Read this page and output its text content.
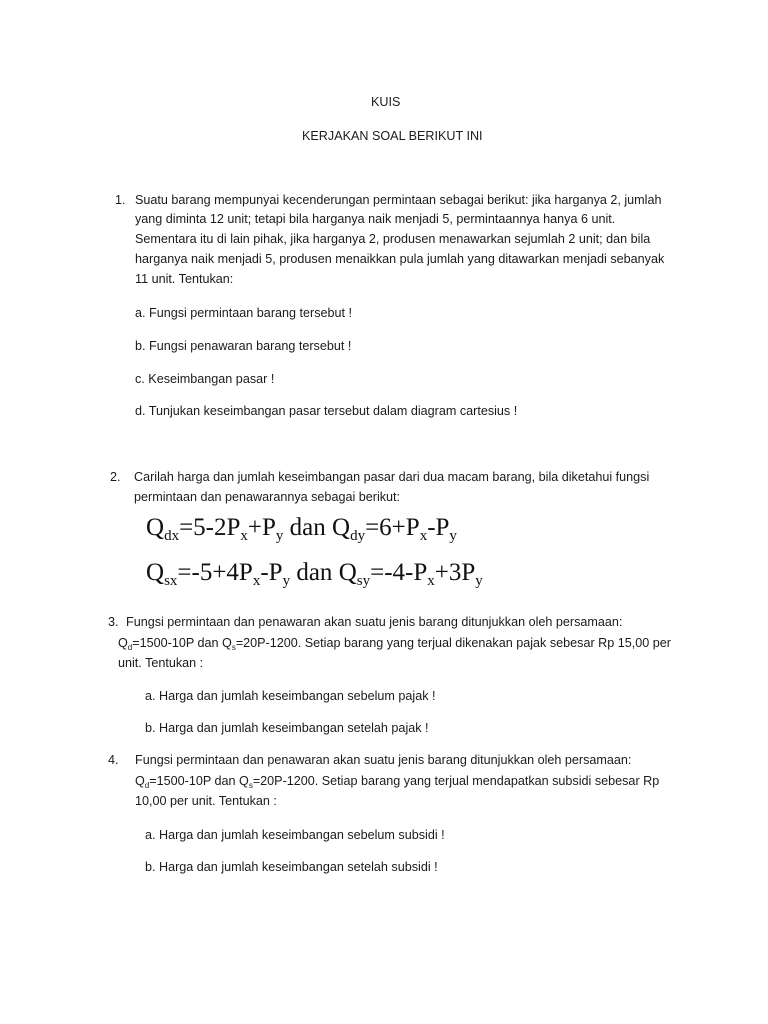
KUIS
KERJAKAN SOAL BERIKUT INI
1. Suatu barang mempunyai kecenderungan permintaan sebagai berikut: jika harganya 2, jumlah
yang diminta 12 unit; tetapi bila harganya naik menjadi 5, permintaannya hanya 6 unit.
Sementara itu di lain pihak, jika harganya 2, produsen menawarkan sejumlah 2 unit; dan bila
harganya naik menjadi 5, produsen menaikkan pula jumlah yang ditawarkan menjadi sebanyak
11 unit. Tentukan:
a. Fungsi permintaan barang tersebut !
b. Fungsi penawaran barang tersebut !
c. Keseimbangan pasar !
d. Tunjukan keseimbangan pasar tersebut dalam diagram cartesius !
2.	Carilah harga dan jumlah keseimbangan pasar dari dua macam barang, bila diketahui fungsi
permintaan dan penawarannya sebagai berikut:
$Q_{dx}=5-2P_x+P_y$ dan $Q_{dy}=6+P_x-P_y$
$Q_{sx}=-5+4P_x-P_y$ dan $Q_{sy}=-4-P_x+3P_y$
3. Fungsi permintaan dan penawaran akan suatu jenis barang ditunjukkan oleh persamaan:
$Q_d=1500-10P$ dan $Q_s=20P-1200$. Setiap barang yang terjual dikenakan pajak sebesar Rp 15,00 per
unit. Tentukan :
a. Harga dan jumlah keseimbangan sebelum pajak !
b. Harga dan jumlah keseimbangan setelah pajak !
4.	Fungsi permintaan dan penawaran akan suatu jenis barang ditunjukkan oleh persamaan:
$Q_d=1500-10P$ dan $Q_s=20P-1200$. Setiap barang yang terjual mendapatkan subsidi sebesar Rp
10,00 per unit. Tentukan :
a. Harga dan jumlah keseimbangan sebelum subsidi !
b. Harga dan jumlah keseimbangan setelah subsidi !
